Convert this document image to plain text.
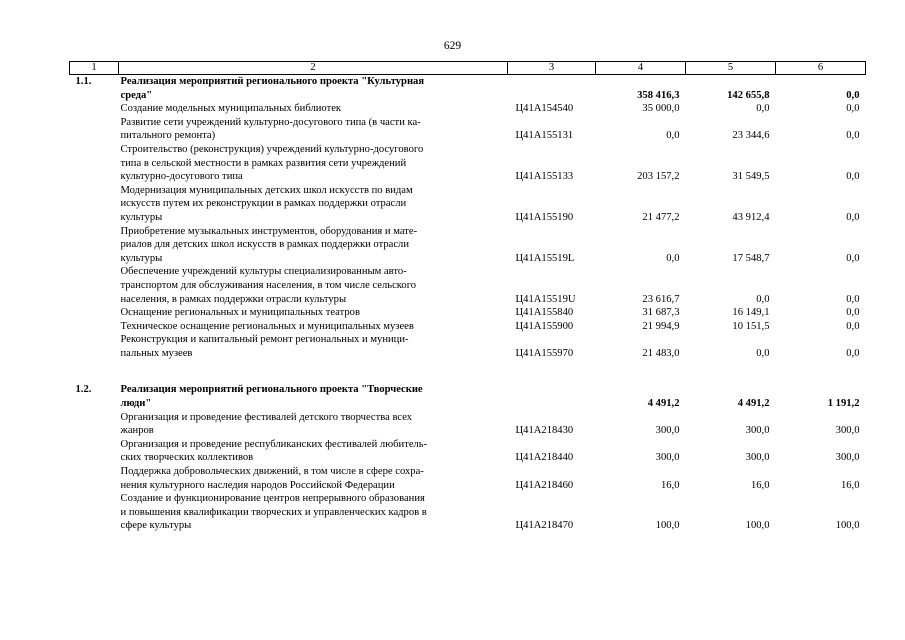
629
1	2	3	4	5	6
1.1.	Реализация мероприятий регионального проекта "Культурная
среда"		358 416,3	142 655,8	0,0

	Создание модельных муниципальных библиотек	Ц41A154540	35 000,0	0,0	0,0

	Развитие сети учреждений культурно-досугового типа (в части ка-
питального ремонта)	Ц41A155131	0,0	23 344,6	0,0

	Строительство (реконструкция) учреждений культурно-досугового
типа в сельской местности в рамках развития сети учреждений
культурно-досугового типа	Ц41A155133	203 157,2	31 549,5	0,0

	Модернизация муниципальных детских школ искусств по видам
искусств путем их реконструкции в рамках поддержки отрасли
культуры	Ц41A155190	21 477,2	43 912,4	0,0

	Приобретение музыкальных инструментов, оборудования и мате-
риалов для детских школ искусств в рамках поддержки отрасли
культуры	Ц41A15519L	0,0	17 548,7	0,0

	Обеспечение учреждений культуры специализированным авто-
транспортом для обслуживания населения, в том числе сельского
населения, в рамках поддержки отрасли культуры	Ц41A15519U	23 616,7	0,0	0,0

	Оснащение региональных и муниципальных театров	Ц41A155840	31 687,3	16 149,1	0,0

	Техническое оснащение региональных и муниципальных музеев	Ц41A155900	21 994,9	10 151,5	0,0

	Реконструкция и капитальный ремонт региональных и муници-
пальных музеев	Ц41A155970	21 483,0	0,0	0,0

1.2.	Реализация мероприятий регионального проекта "Творческие
люди"		4 491,2	4 491,2	1 191,2

	Организация и проведение фестивалей детского творчества всех
жанров	Ц41A218430	300,0	300,0	300,0

	Организация и проведение республиканских фестивалей любитель-
ских творческих коллективов	Ц41A218440	300,0	300,0	300,0

	Поддержка добровольческих движений, в том числе в сфере сохра-
нения культурного наследия народов Российской Федерации	Ц41A218460	16,0	16,0	16,0

	Создание и функционирование центров непрерывного образования
и повышения квалификации творческих и управленческих кадров в
сфере культуры	Ц41A218470	100,0	100,0	100,0
